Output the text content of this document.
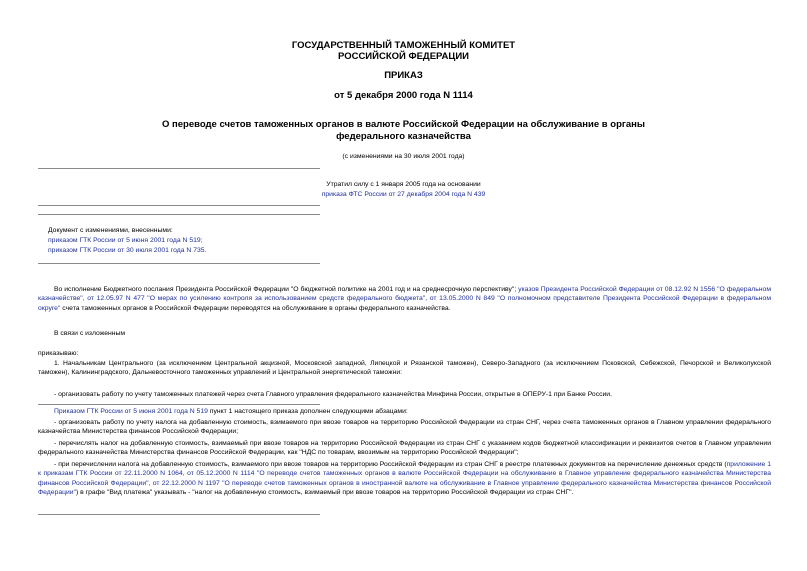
ГОСУДАРСТВЕННЫЙ ТАМОЖЕННЫЙ КОМИТЕТ
РОССИЙСКОЙ ФЕДЕРАЦИИ
ПРИКАЗ
от 5 декабря 2000 года N 1114
О переводе счетов таможенных органов в валюте Российской Федерации на обслуживание в органы
федерального казначейства
(с изменениями на 30 июля 2001 года)
Утратил силу с 1 января 2005 года на основании
приказа ФТС России от 27 декабря 2004 года N 439
Документ с изменениями, внесенными:
приказом ГТК России от 5 июня 2001 года N 519;
приказом ГТК России от 30 июля 2001 года N 735.
Во исполнение Бюджетного послания Президента Российской Федерации "О бюджетной политике на 2001 год и на среднесрочную перспективу"; указов Президента Российской Федерации от 08.12.92 N 1556 "О федеральном казначействе", от 12.05.97 N 477 "О мерах по усилению контроля за использованием средств федерального бюджета", от 13.05.2000 N 849 "О полномочном представителе Президента Российской Федерации в федеральном округе" счета таможенных органов в Российской Федерации переводятся на обслуживание в органы федерального казначейства.
В связи с изложенным
приказываю:
1. Начальникам Центрального (за исключением Центральной акцизной, Московской западной, Липецкой и Рязанской таможен), Северо-Западного (за исключением Псковской, Себежской, Печорской и Великолукской таможен), Калининградского, Дальневосточного таможенных управлений и Центральной энергетической таможни:
- организовать работу по учету таможенных платежей через счета Главного управления федерального казначейства Минфина России, открытые в ОПЕРУ-1 при Банке России.
Приказом ГТК России от 5 июня 2001 года N 519 пункт 1 настоящего приказа дополнен следующими абзацами:
- организовать работу по учету налога на добавленную стоимость, взимаемого при ввозе товаров на территорию Российской Федерации из стран СНГ, через счета таможенных органов в Главном управлении федерального казначейства Министерства финансов Российской Федерации;
- перечислять налог на добавленную стоимость, взимаемый при ввозе товаров на территорию Российской Федерации из стран СНГ с указанием кодов бюджетной классификации и реквизитов счетов в Главном управлении федерального казначейства Министерства финансов Российской Федерации, как "НДС по товарам, ввозимым на территорию Российской Федерации";
- при перечислении налога на добавленную стоимость, взимаемого при ввозе товаров на территорию Российской Федерации из стран СНГ в реестре платежных документов на перечисление денежных средств (приложение 1 к приказам ГТК России от 22.11.2000 N 1064, от 05.12.2000 N 1114 "О переводе счетов таможенных органов в валюте Российской Федерации на обслуживание в Главное управление федерального казначейства Министерства финансов Российской Федерации", от 22.12.2000 N 1197 "О переводе счетов таможенных органов в иностранной валюте на обслуживание в Главное управление федерального казначейства Министерства финансов Российской Федерации") в графе "Вид платежа" указывать - "налог на добавленную стоимость, взимаемый при ввозе товаров на территорию Российской Федерации из стран СНГ".
